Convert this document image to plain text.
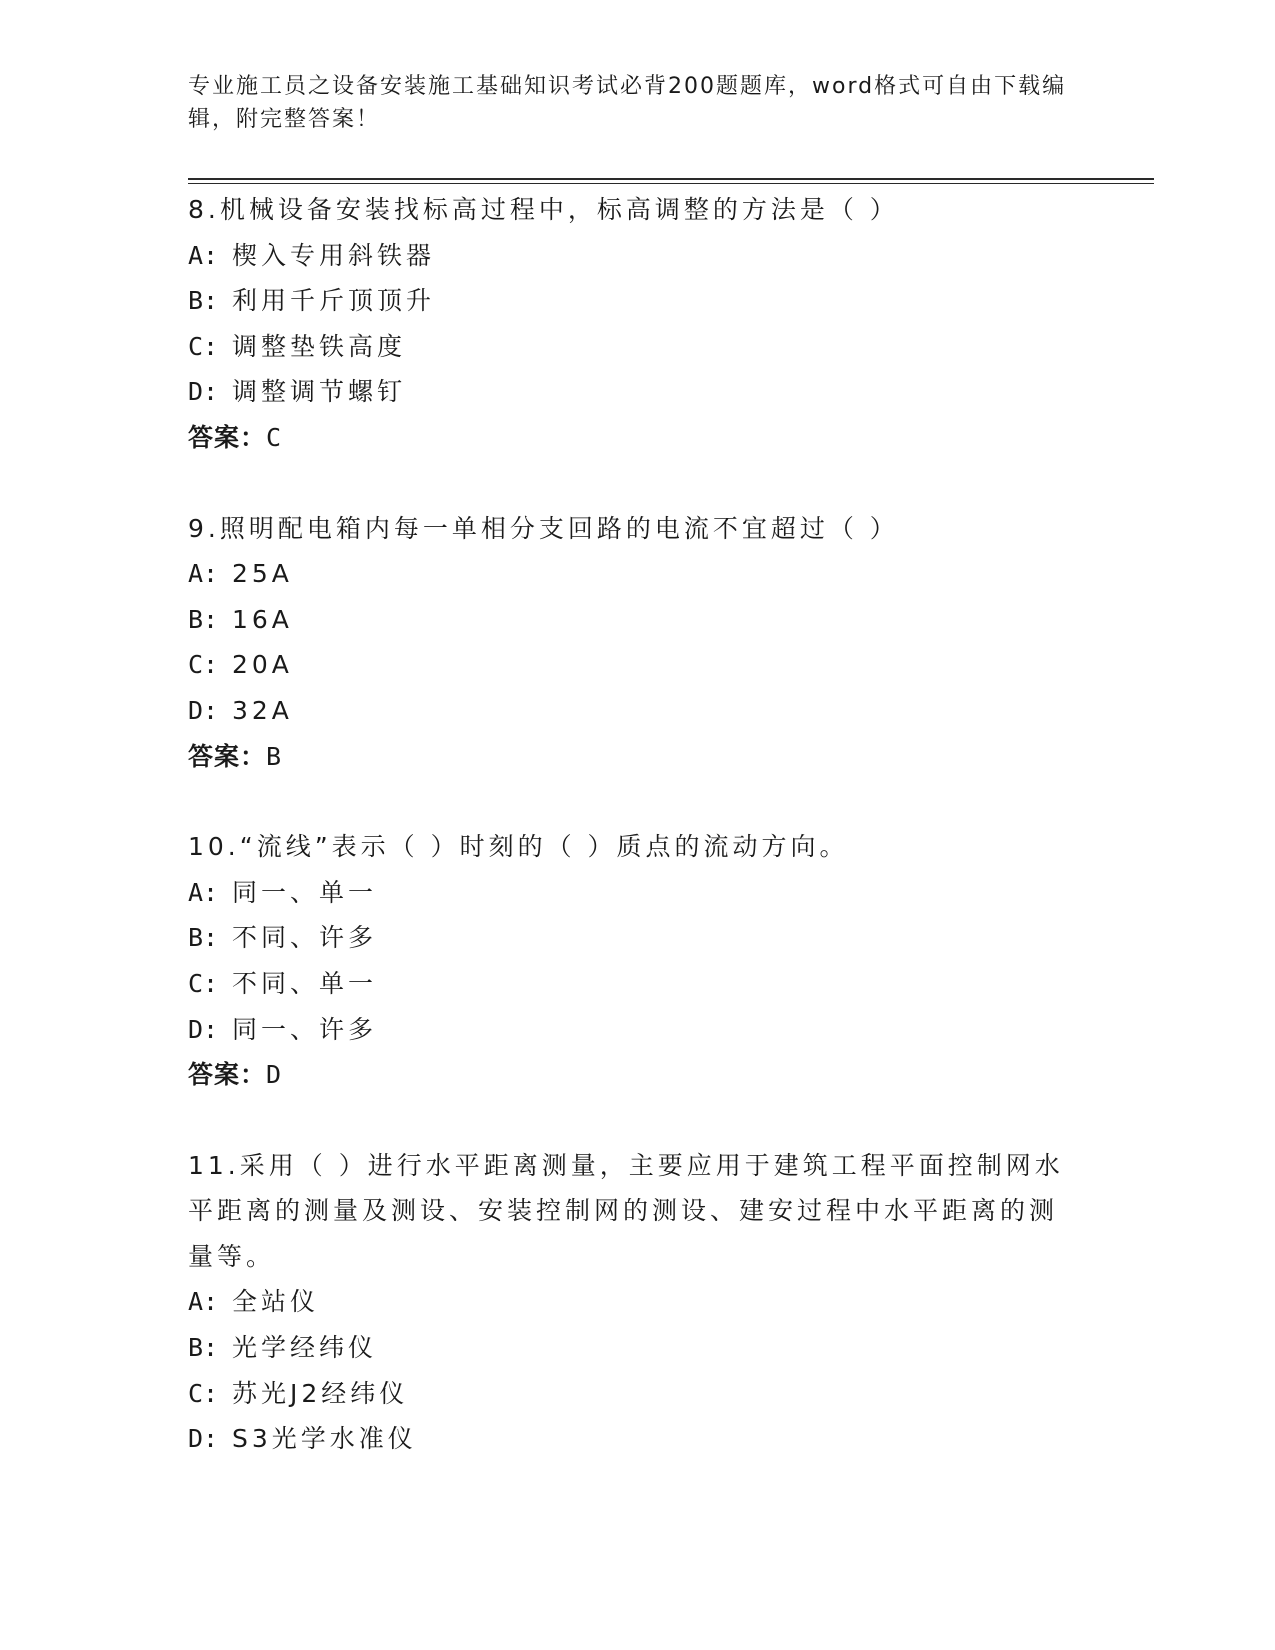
专业施工员之设备安装施工基础知识考试必背200题题库，word格式可自由下载编辑，附完整答案！
8.机械设备安装找标高过程中，标高调整的方法是（ ）
A: 楔入专用斜铁器
B: 利用千斤顶顶升
C: 调整垫铁高度
D: 调整调节螺钉
答案：C
9.照明配电箱内每一单相分支回路的电流不宜超过（ ）
A: 25A
B: 16A
C: 20A
D: 32A
答案：B
10.“流线”表示（ ）时刻的（ ）质点的流动方向。
A: 同一、单一
B: 不同、许多
C: 不同、单一
D: 同一、许多
答案：D
11.采用（ ）进行水平距离测量，主要应用于建筑工程平面控制网水平距离的测量及测设、安装控制网的测设、建安过程中水平距离的测量等。
A: 全站仪
B: 光学经纬仪
C: 苏光J2经纬仪
D: S3光学水准仪
